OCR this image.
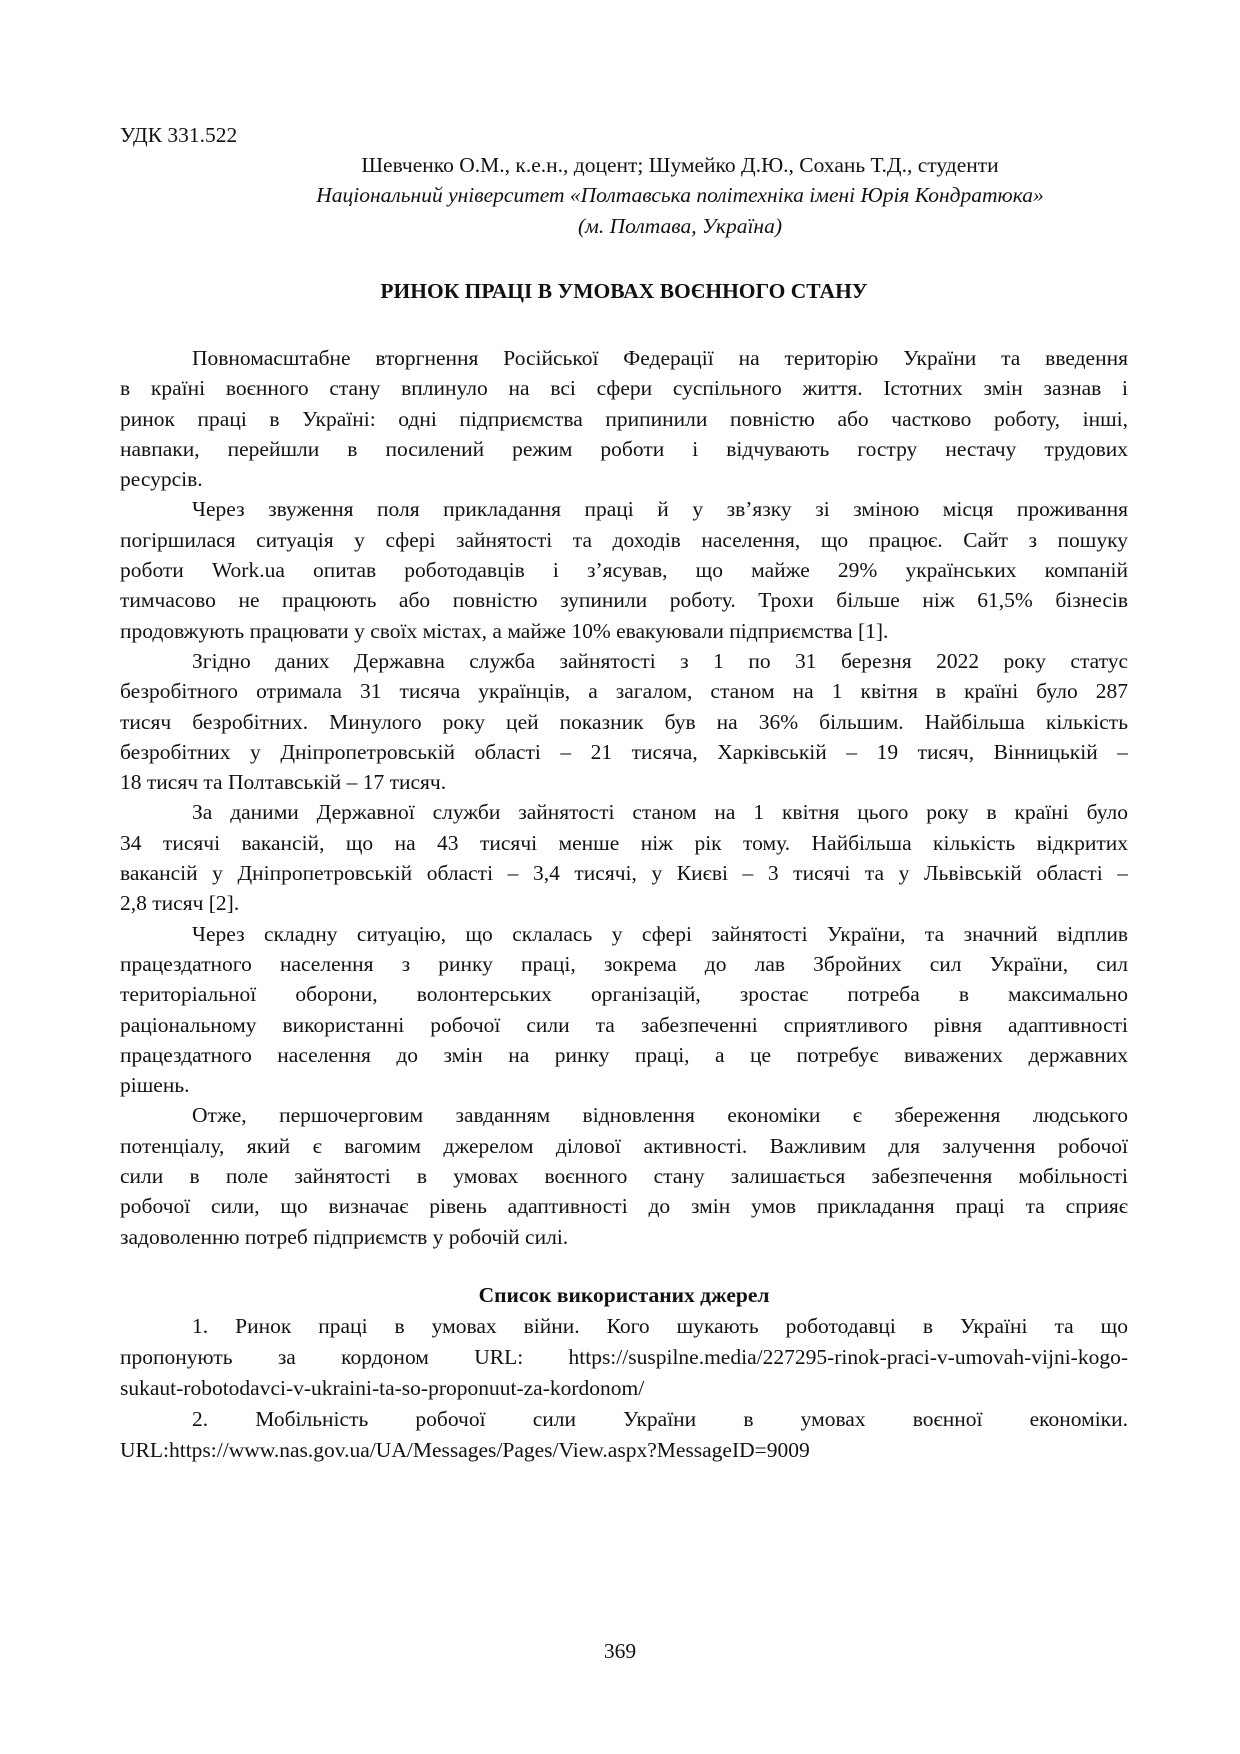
УДК 331.522
Шевченко О.М., к.е.н., доцент; Шумейко Д.Ю., Сохань Т.Д., студенти
Національний університет «Полтавська політехніка імені Юрія Кондратюка»
(м. Полтава, Україна)
РИНОК ПРАЦІ В УМОВАХ ВОЄННОГО СТАНУ
Повномасштабне вторгнення Російської Федерації на територію України та введення
в країні воєнного стану вплинуло на всі сфери суспільного життя. Істотних змін зазнав і
ринок праці в Україні: одні підприємства припинили повністю або частково роботу, інші,
навпаки, перейшли в посилений режим роботи і відчувають гостру нестачу трудових
ресурсів.
Через звуження поля прикладання праці й у зв’язку зі зміною місця проживання
погіршилася ситуація у сфері зайнятості та доходів населення, що працює. Сайт з пошуку
роботи Work.ua опитав роботодавців і з’ясував, що майже 29% українських компаній
тимчасово не працюють або повністю зупинили роботу. Трохи більше ніж 61,5% бізнесів
продовжують працювати у своїх містах, а майже 10% евакуювали підприємства [1].
Згідно даних Державна служба зайнятості з 1 по 31 березня 2022 року статус
безробітного отримала 31 тисяча українців, а загалом, станом на 1 квітня в країні було 287
тисяч безробітних. Минулого року цей показник був на 36% більшим. Найбільша кількість
безробітних у Дніпропетровській області – 21 тисяча, Харківській – 19 тисяч, Вінницькій –
18 тисяч та Полтавській – 17 тисяч.
За даними Державної служби зайнятості станом на 1 квітня цього року в країні було
34 тисячі вакансій, що на 43 тисячі менше ніж рік тому. Найбільша кількість відкритих
вакансій у Дніпропетровській області – 3,4 тисячі, у Києві – 3 тисячі та у Львівській області –
2,8 тисяч [2].
Через складну ситуацію, що склалась у сфері зайнятості України, та значний відплив
працездатного населення з ринку праці, зокрема до лав Збройних сил України, сил
територіальної оборони, волонтерських організацій, зростає потреба в максимально
раціональному використанні робочої сили та забезпеченні сприятливого рівня адаптивності
працездатного населення до змін на ринку праці, а це потребує виважених державних
рішень.
Отже, першочерговим завданням відновлення економіки є збереження людського
потенціалу, який є вагомим джерелом ділової активності. Важливим для залучення робочої
сили в поле зайнятості в умовах воєнного стану залишається забезпечення мобільності
робочої сили, що визначає рівень адаптивності до змін умов прикладання праці та сприяє
задоволенню потреб підприємств у робочій силі.
Список використаних джерел
1. Ринок праці в умовах війни. Кого шукають роботодавці в Україні та що
пропонують за кордоном URL: https://suspilne.media/227295-rinok-praci-v-umovah-vijni-kogo-
sukaut-robotodavci-v-ukraini-ta-so-proponuut-za-kordonom/
2. Мобільність робочої сили України в умовах воєнної економіки.
URL:https://www.nas.gov.ua/UA/Messages/Pages/View.aspx?MessageID=9009
369
